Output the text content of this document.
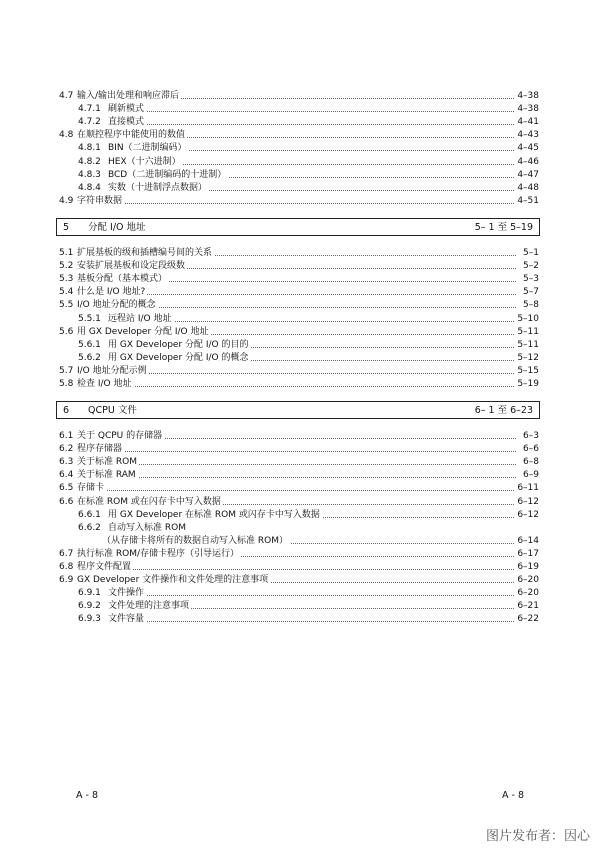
4.7 输入/输出处理和响应滞后	4–38
4.7.1 刷新模式	4–38
4.7.2 直接模式	4–41
4.8 在顺控程序中能使用的数值	4–43
4.8.1 BIN（二进制编码）	4–45
4.8.2 HEX（十六进制）	4–46
4.8.3 BCD（二进制编码的十进制）	4–47
4.8.4 实数（十进制浮点数据）	4–48
4.9 字符串数据	4–51
5 分配 I/O 地址	5– 1 至 5–19
5.1 扩展基板的级和插槽编号间的关系	5–1
5.2 安装扩展基板和设定段级数	5–2
5.3 基板分配（基本模式）	5–3
5.4 什么是 I/O 地址?	5–7
5.5 I/O 地址分配的概念	5–8
5.5.1 远程站 I/O 地址	5–10
5.6 用 GX Developer 分配 I/O 地址	5–11
5.6.1 用 GX Developer 分配 I/O 的目的	5–11
5.6.2 用 GX Developer 分配 I/O 的概念	5–12
5.7 I/O 地址分配示例	5–15
5.8 检查 I/O 地址	5–19
6 QCPU 文件	6– 1 至 6–23
6.1 关于 QCPU 的存储器	6–3
6.2 程序存储器	6–6
6.3 关于标准 ROM	6–8
6.4 关于标准 RAM	6–9
6.5 存储卡	6–11
6.6 在标准 ROM 或在闪存卡中写入数据	6–12
6.6.1 用 GX Developer 在标准 ROM 或闪存卡中写入数据	6–12
6.6.2 自动写入标准 ROM
（从存储卡将所有的数据自动写入标准 ROM）	6–14
6.7 执行标准 ROM/存储卡程序（引导运行）	6–17
6.8 程序文件配置	6–19
6.9 GX Developer 文件操作和文件处理的注意事项	6–20
6.9.1 文件操作	6–20
6.9.2 文件处理的注意事项	6–21
6.9.3 文件容量	6–22
A - 8	A - 8
图片发布者：因心
